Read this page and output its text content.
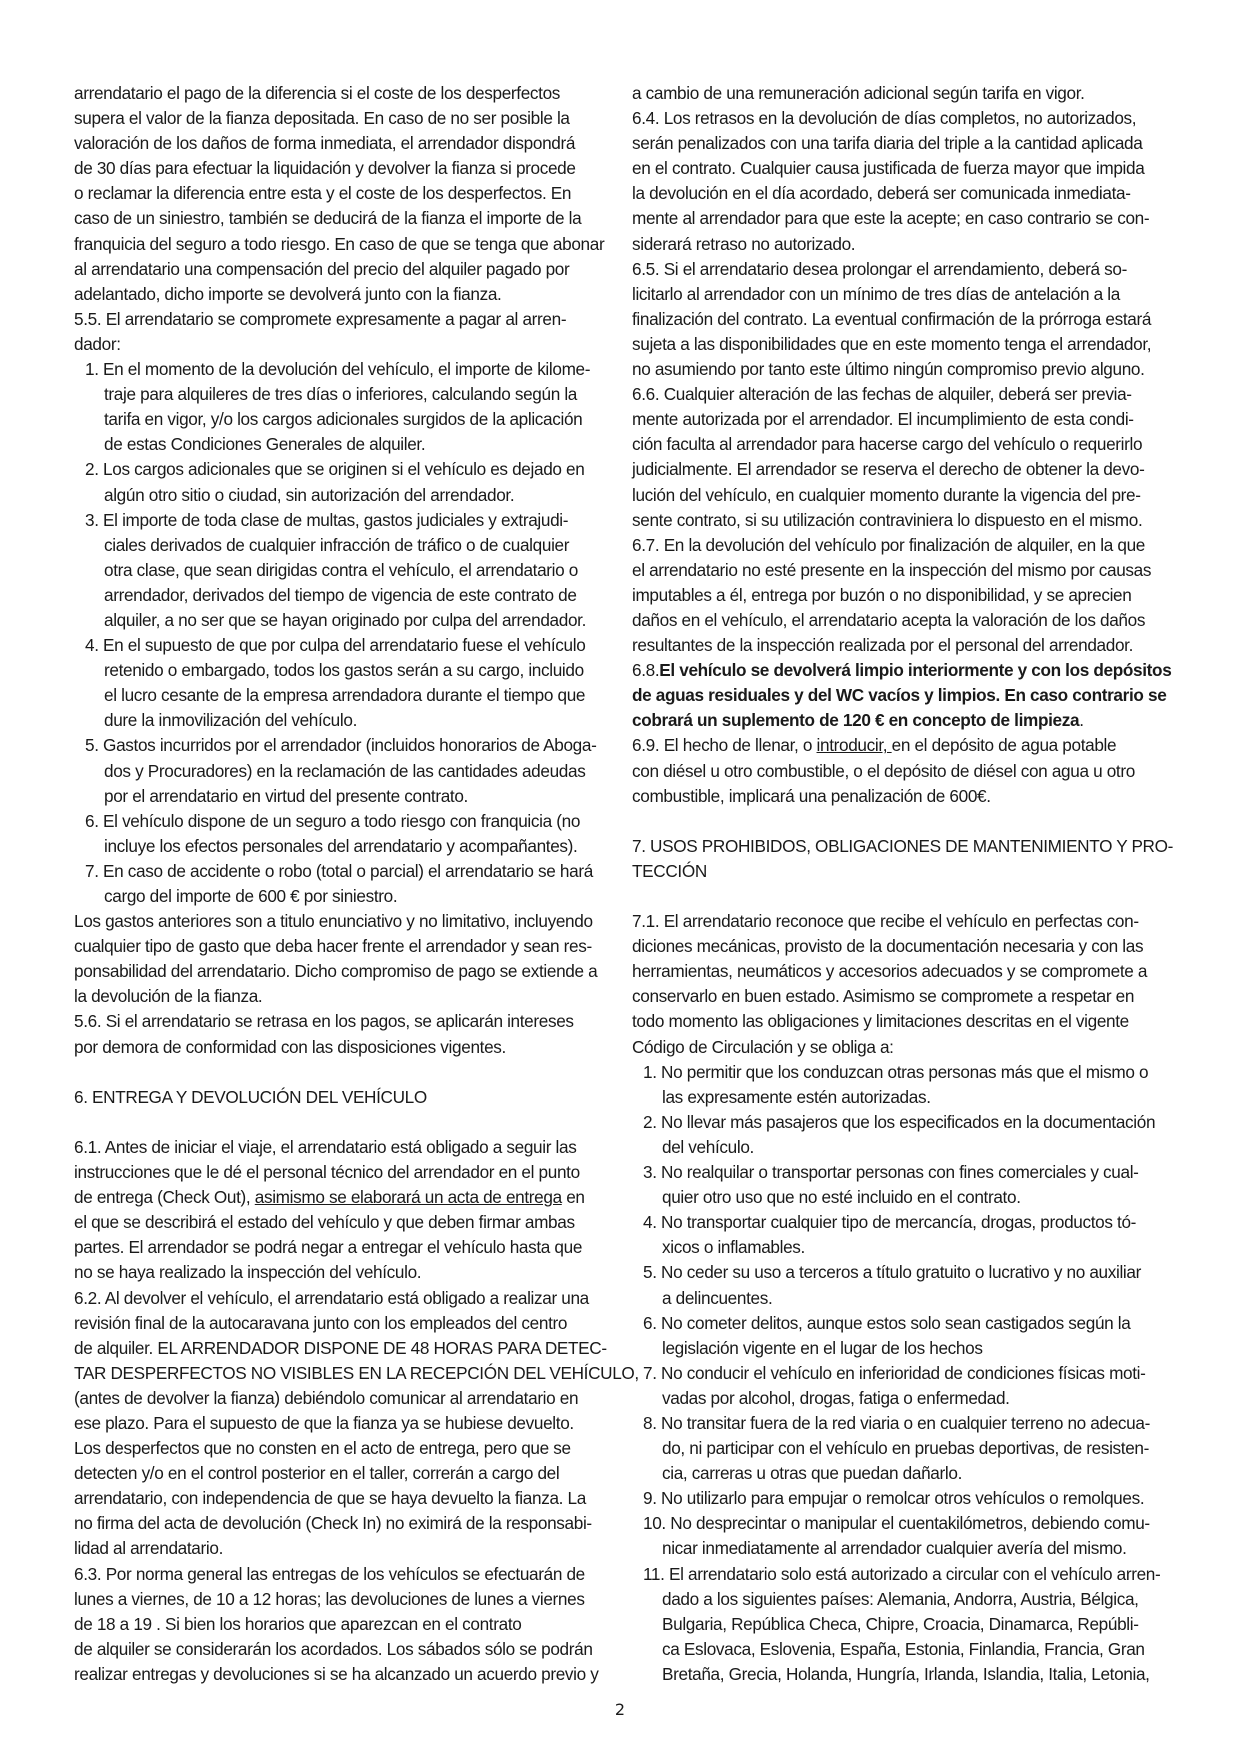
arrendatario el pago de la diferencia si el coste de los desperfectos
supera el valor de la fianza depositada. En caso de no ser posible la
valoración de los daños de forma inmediata, el arrendador dispondrá
de 30 días para efectuar la liquidación y devolver la fianza si procede
o reclamar la diferencia entre esta y el coste de los desperfectos. En
caso de un siniestro, también se deducirá de la fianza el importe de la
franquicia del seguro a todo riesgo. En caso de que se tenga que abonar
al arrendatario una compensación del precio del alquiler pagado por
adelantado, dicho importe se devolverá junto con la fianza.
5.5. El arrendatario se compromete expresamente a pagar al arren-
dador:
1. En el momento de la devolución del vehículo, el importe de kilome-
traje para alquileres de tres días o inferiores, calculando según la
tarifa en vigor, y/o los cargos adicionales surgidos de la aplicación
de estas Condiciones Generales de alquiler.
2. Los cargos adicionales que se originen si el vehículo es dejado en
algún otro sitio o ciudad, sin autorización del arrendador.
3. El importe de toda clase de multas, gastos judiciales y extrajudi-
ciales derivados de cualquier infracción de tráfico o de cualquier
otra clase, que sean dirigidas contra el vehículo, el arrendatario o
arrendador, derivados del tiempo de vigencia de este contrato de
alquiler, a no ser que se hayan originado por culpa del arrendador.
4. En el supuesto de que por culpa del arrendatario fuese el vehículo
retenido o embargado, todos los gastos serán a su cargo, incluido
el lucro cesante de la empresa arrendadora durante el tiempo que
dure la inmovilización del vehículo.
5. Gastos incurridos por el arrendador (incluidos honorarios de Aboga-
dos y Procuradores) en la reclamación de las cantidades adeudas
por el arrendatario en virtud del presente contrato.
6. El vehículo dispone de un seguro a todo riesgo con franquicia (no
incluye los efectos personales del arrendatario y acompañantes).
7. En caso de accidente o robo (total o parcial) el arrendatario se hará
cargo del importe de 600 € por siniestro.
Los gastos anteriores son a titulo enunciativo y no limitativo, incluyendo
cualquier tipo de gasto que deba hacer frente el arrendador y sean res-
ponsabilidad del arrendatario. Dicho compromiso de pago se extiende a
la devolución de la fianza.
5.6. Si el arrendatario se retrasa en los pagos, se aplicarán intereses
por demora de conformidad con las disposiciones vigentes.
6. ENTREGA Y DEVOLUCIÓN DEL VEHÍCULO
6.1. Antes de iniciar el viaje, el arrendatario está obligado a seguir las
instrucciones que le dé el personal técnico del arrendador en el punto
de entrega (Check Out), asimismo se elaborará un acta de entrega en
el que se describirá el estado del vehículo y que deben firmar ambas
partes. El arrendador se podrá negar a entregar el vehículo hasta que
no se haya realizado la inspección del vehículo.
6.2. Al devolver el vehículo, el arrendatario está obligado a realizar una
revisión final de la autocaravana junto con los empleados del centro
de alquiler. EL ARRENDADOR DISPONE DE 48 HORAS PARA DETEC-
TAR DESPERFECTOS NO VISIBLES EN LA RECEPCIÓN DEL VEHÍCULO,
(antes de devolver la fianza) debiéndolo comunicar al arrendatario en
ese plazo. Para el supuesto de que la fianza ya se hubiese devuelto.
Los desperfectos que no consten en el acto de entrega, pero que se
detecten y/o en el control posterior en el taller, correrán a cargo del
arrendatario, con independencia de que se haya devuelto la fianza. La
no firma del acta de devolución (Check In) no eximirá de la responsabi-
lidad al arrendatario.
6.3. Por norma general las entregas de los vehículos se efectuarán de
lunes a viernes, de 10 a 12 horas; las devoluciones de lunes a viernes
de 18 a 19 . Si bien los horarios que aparezcan en el contrato
de alquiler se considerarán los acordados. Los sábados sólo se podrán
realizar entregas y devoluciones si se ha alcanzado un acuerdo previo y
a cambio de una remuneración adicional según tarifa en vigor.
6.4. Los retrasos en la devolución de días completos, no autorizados,
serán penalizados con una tarifa diaria del triple a la cantidad aplicada
en el contrato. Cualquier causa justificada de fuerza mayor que impida
la devolución en el día acordado, deberá ser comunicada inmediata-
mente al arrendador para que este la acepte; en caso contrario se con-
siderará retraso no autorizado.
6.5. Si el arrendatario desea prolongar el arrendamiento, deberá so-
licitarlo al arrendador con un mínimo de tres días de antelación a la
finalización del contrato. La eventual confirmación de la prórroga estará
sujeta a las disponibilidades que en este momento tenga el arrendador,
no asumiendo por tanto este último ningún compromiso previo alguno.
6.6. Cualquier alteración de las fechas de alquiler, deberá ser previa-
mente autorizada por el arrendador. El incumplimiento de esta condi-
ción faculta al arrendador para hacerse cargo del vehículo o requerirlo
judicialmente. El arrendador se reserva el derecho de obtener la devo-
lución del vehículo, en cualquier momento durante la vigencia del pre-
sente contrato, si su utilización contraviniera lo dispuesto en el mismo.
6.7. En la devolución del vehículo por finalización de alquiler, en la que
el arrendatario no esté presente en la inspección del mismo por causas
imputables a él, entrega por buzón o no disponibilidad, y se aprecien
daños en el vehículo, el arrendatario acepta la valoración de los daños
resultantes de la inspección realizada por el personal del arrendador.
6.8.El vehículo se devolverá limpio interiormente y con los depósitos
de aguas residuales y del WC vacíos y limpios. En caso contrario se
cobrará un suplemento de 120 € en concepto de limpieza.
6.9. El hecho de llenar, o introducir, en el depósito de agua potable
con diésel u otro combustible, o el depósito de diésel con agua u otro
combustible, implicará una penalización de 600€.
7. USOS PROHIBIDOS, OBLIGACIONES DE MANTENIMIENTO Y PRO-
TECCIÓN
7.1. El arrendatario reconoce que recibe el vehículo en perfectas con-
diciones mecánicas, provisto de la documentación necesaria y con las
herramientas, neumáticos y accesorios adecuados y se compromete a
conservarlo en buen estado. Asimismo se compromete a respetar en
todo momento las obligaciones y limitaciones descritas en el vigente
Código de Circulación y se obliga a:
1. No permitir que los conduzcan otras personas más que el mismo o
las expresamente estén autorizadas.
2. No llevar más pasajeros que los especificados en la documentación
del vehículo.
3. No realquilar o transportar personas con fines comerciales y cual-
quier otro uso que no esté incluido en el contrato.
4. No transportar cualquier tipo de mercancía, drogas, productos tó-
xicos o inflamables.
5. No ceder su uso a terceros a título gratuito o lucrativo y no auxiliar
a delincuentes.
6. No cometer delitos, aunque estos solo sean castigados según la
legislación vigente en el lugar de los hechos
7. No conducir el vehículo en inferioridad de condiciones físicas moti-
vadas por alcohol, drogas, fatiga o enfermedad.
8. No transitar fuera de la red viaria o en cualquier terreno no adecua-
do, ni participar con el vehículo en pruebas deportivas, de resisten-
cia, carreras u otras que puedan dañarlo.
9. No utilizarlo para empujar o remolcar otros vehículos o remolques.
10. No desprecintar o manipular el cuentakilómetros, debiendo comu-
nicar inmediatamente al arrendador cualquier avería del mismo.
11. El arrendatario solo está autorizado a circular con el vehículo arren-
dado a los siguientes países: Alemania, Andorra, Austria, Bélgica,
Bulgaria, República Checa, Chipre, Croacia, Dinamarca, Repúbli-
ca Eslovaca, Eslovenia, España, Estonia, Finlandia, Francia, Gran
Bretaña, Grecia, Holanda, Hungría, Irlanda, Islandia, Italia, Letonia,
2
